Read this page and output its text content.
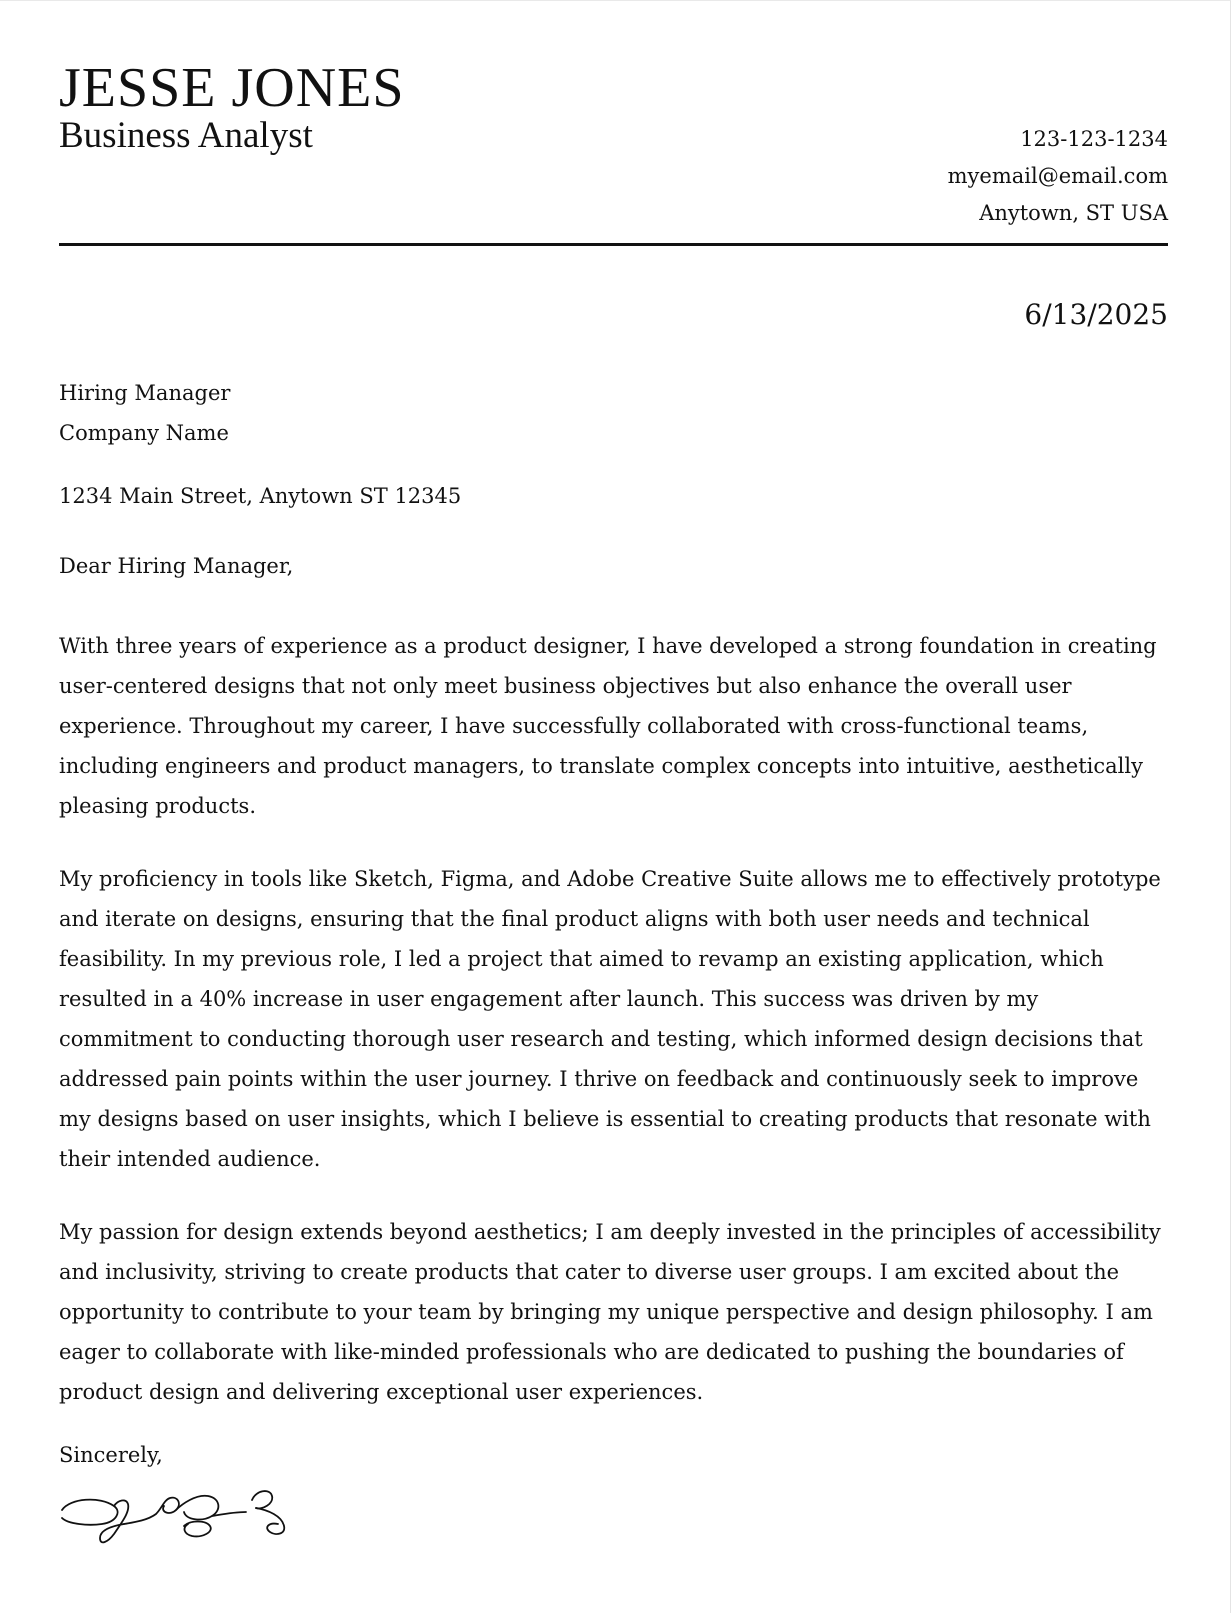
JESSE JONES
Business Analyst	123-123-1234
myemail@email.com
Anytown, ST USA
6/13/2025
Hiring Manager
Company Name
1234 Main Street, Anytown ST 12345
Dear Hiring Manager,

With three years of experience as a product designer, I have developed a strong foundation in creating user-centered designs that not only meet business objectives but also enhance the overall user experience. Throughout my career, I have successfully collaborated with cross-functional teams, including engineers and product managers, to translate complex concepts into intuitive, aesthetically pleasing products.

My proficiency in tools like Sketch, Figma, and Adobe Creative Suite allows me to effectively prototype and iterate on designs, ensuring that the final product aligns with both user needs and technical feasibility. In my previous role, I led a project that aimed to revamp an existing application, which resulted in a 40% increase in user engagement after launch. This success was driven by my commitment to conducting thorough user research and testing, which informed design decisions that addressed pain points within the user journey. I thrive on feedback and continuously seek to improve my designs based on user insights, which I believe is essential to creating products that resonate with their intended audience.

My passion for design extends beyond aesthetics; I am deeply invested in the principles of accessibility and inclusivity, striving to create products that cater to diverse user groups. I am excited about the opportunity to contribute to your team by bringing my unique perspective and design philosophy. I am eager to collaborate with like-minded professionals who are dedicated to pushing the boundaries of product design and delivering exceptional user experiences.

Sincerely,
